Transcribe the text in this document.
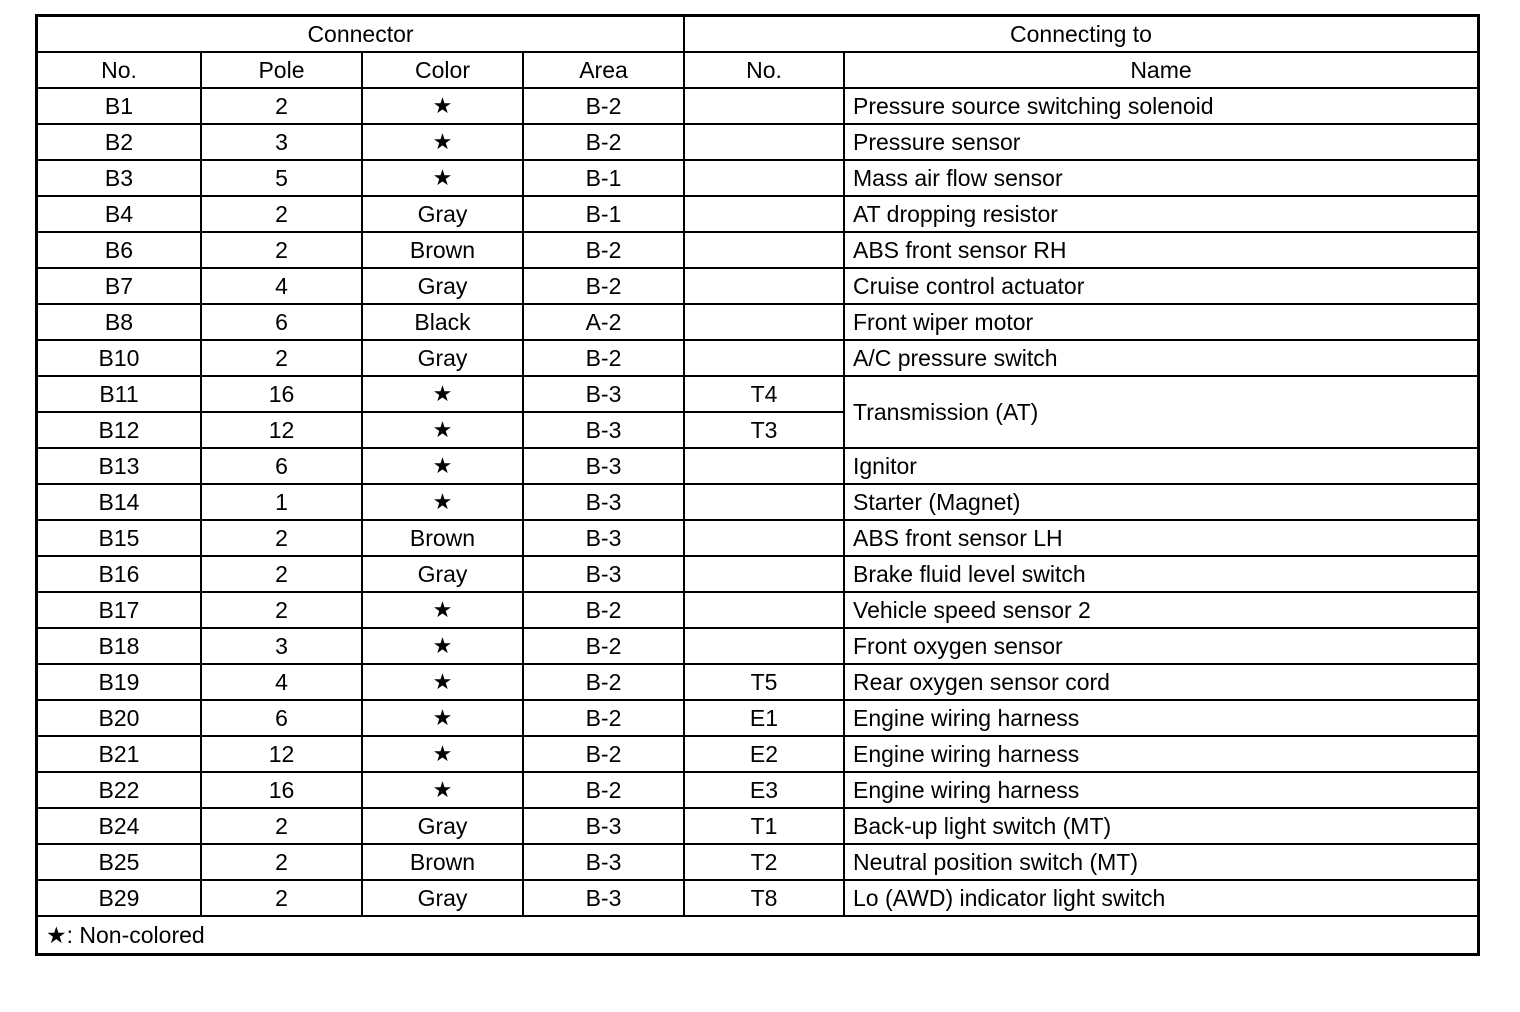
Connector				Connecting to	
No.	Pole	Color	Area	No.	Name
B1	2	★	B-2		Pressure source switching solenoid
B2	3	★	B-2		Pressure sensor
B3	5	★	B-1		Mass air flow sensor
B4	2	Gray	B-1		AT dropping resistor
B6	2	Brown	B-2		ABS front sensor RH
B7	4	Gray	B-2		Cruise control actuator
B8	6	Black	A-2		Front wiper motor
B10	2	Gray	B-2		A/C pressure switch
B11	16	★	B-3	T4	Transmission (AT)
B12	12	★	B-3	T3	
B13	6	★	B-3		Ignitor
B14	1	★	B-3		Starter (Magnet)
B15	2	Brown	B-3		ABS front sensor LH
B16	2	Gray	B-3		Brake fluid level switch
B17	2	★	B-2		Vehicle speed sensor 2
B18	3	★	B-2		Front oxygen sensor
B19	4	★	B-2	T5	Rear oxygen sensor cord
B20	6	★	B-2	E1	Engine wiring harness
B21	12	★	B-2	E2	Engine wiring harness
B22	16	★	B-2	E3	Engine wiring harness
B24	2	Gray	B-3	T1	Back-up light switch (MT)
B25	2	Brown	B-3	T2	Neutral position switch (MT)
B29	2	Gray	B-3	T8	Lo (AWD) indicator light switch
★: Non-colored
